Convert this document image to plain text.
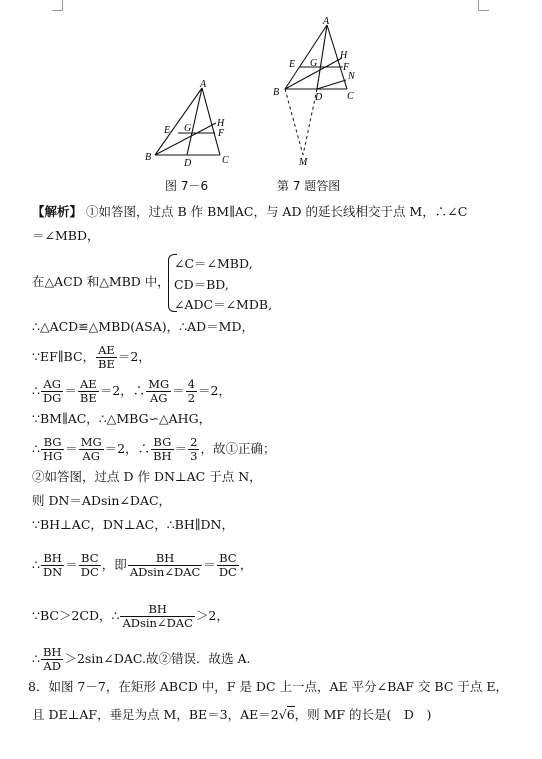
A
E G	H
F
B
D	C
图 7－6
A
E G
H
F
N
B	D C
M
第 7 题答图
【解析】 ①如答图，过点 B 作 BM∥AC，与 AD 的延长线相交于点 M，∴∠C
＝∠MBD，
在△ACD 和△MBD 中，
∠C＝∠MBD,
CD＝BD,
∠ADC＝∠MDB,
∴△ACD≌△MBD(ASA)，∴AD＝MD，
∵EF∥BC， $\frac{AE}{BE} =2$，
∴ $\frac{AG}{DG} = \frac{AE}{BE} =2$，∴ $\frac{MG}{AG} = \frac{4}{2} =2$，
∵BM∥AC，∴△MBG∽△AHG，
∴ $\frac{BG}{HG} = \frac{MG}{AG} =2$，∴ $\frac{BG}{BH} = \frac{2}{3}$ ，故①正确；
②如答图，过点 D 作 DN⊥AC 于点 N，
则 DN＝ADsin∠DAC，
∵BH⊥AC，DN⊥AC，∴BH∥DN，
∴ $\frac{BH}{DN} = \frac{BC}{DC}$ ，即 $\frac{BH}{\text{ADsin∠DAC}} = \frac{BC}{DC}$ ，
∵BC＞2CD，∴ $\frac{BH}{\text{ADsin∠DAC}} >2$，
∴ $\frac{BH}{AD}$ ＞2sin∠DAC.故②错误．故选 A.
8．如图 7－7，在矩形 ABCD 中，F 是 DC 上一点，AE 平分∠BAF 交 BC 于点 E，
且 DE⊥AF，垂足为点 M，BE＝3，AE＝2√6，则 MF 的长是(　D　)
